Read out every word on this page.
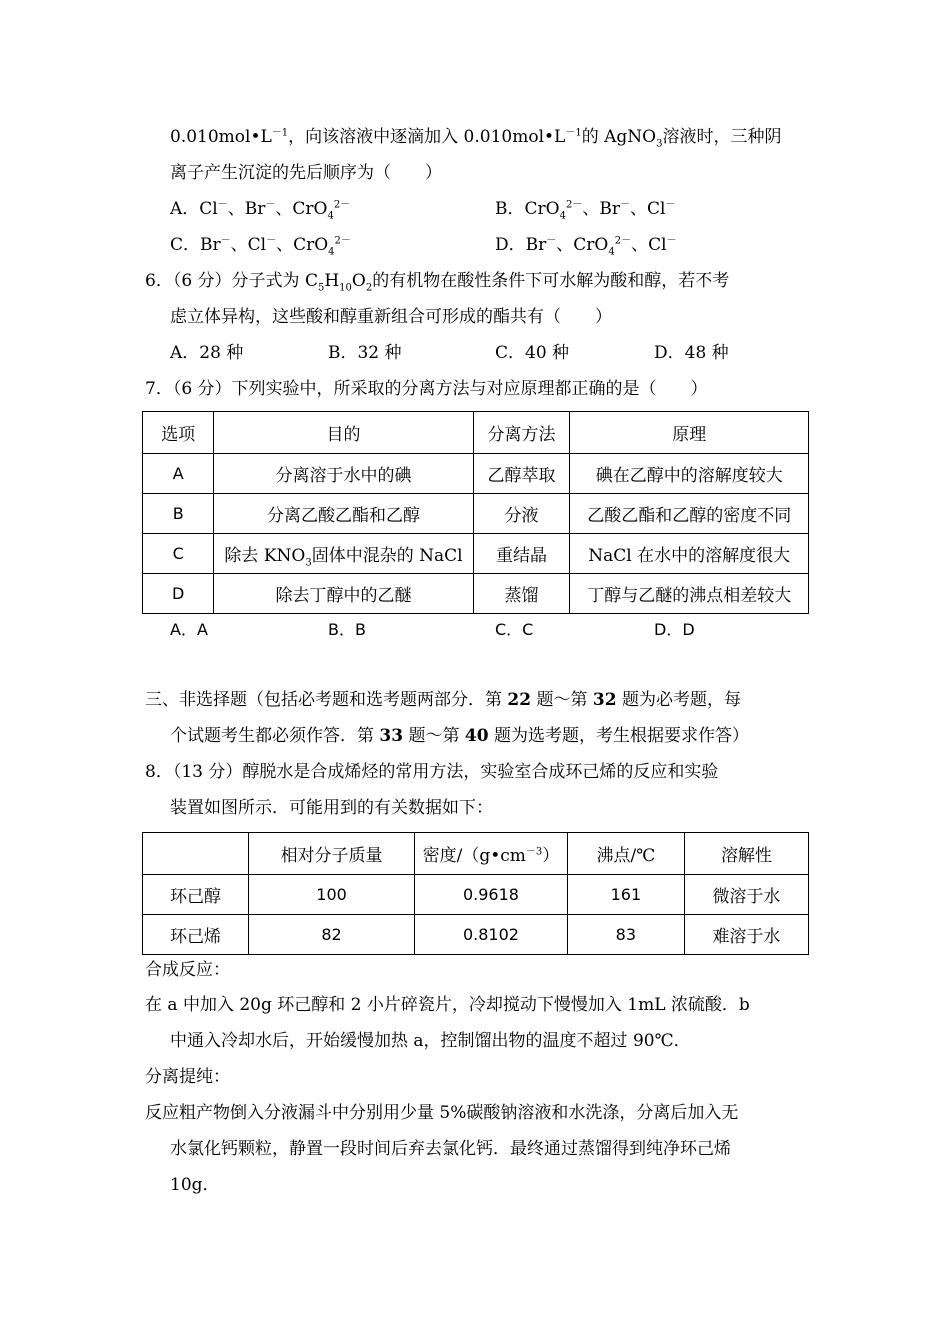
$0.010mol•L^{-1}$，向该溶液中逐滴加入 $0.010mol•L^{-1}$的 AgNO$_3$溶液时，三种阴
离子产生沉淀的先后顺序为（　　）
A．Cl－、Br－、CrO$_4^{2-}$	B．CrO$_4^{2-}$、Br－、Cl－
C．Br－、Cl－、CrO$_4^{2-}$	D．Br－、CrO$_4^{2-}$、Cl－
6．（6 分）分子式为 $C_5H_{10}O_2$的有机物在酸性条件下可水解为酸和醇，若不考
虑立体异构，这些酸和醇重新组合可形成的酯共有（　　）
A．28 种	B．32 种	C．40 种	D．48 种
7．（6 分）下列实验中，所采取的分离方法与对应原理都正确的是（　　）
选项	目的	分离方法	原理
A	分离溶于水中的碘	乙醇萃取	碘在乙醇中的溶解度较大
B	分离乙酸乙酯和乙醇	分液	乙酸乙酯和乙醇的密度不同
C	除去 $KNO_3$固体中混杂的 NaCl	重结晶	NaCl 在水中的溶解度很大
D	除去丁醇中的乙醚	蒸馏	丁醇与乙醚的沸点相差较大
A．A	B．B	C．C	D．D
三、非选择题（包括必考题和选考题两部分．第 22 题～第 32 题为必考题，每
个试题考生都必须作答．第 33 题～第 40 题为选考题，考生根据要求作答）
8．（13 分）醇脱水是合成烯烃的常用方法，实验室合成环己烯的反应和实验
装置如图所示．可能用到的有关数据如下：
	相对分子质量	密度$/(g•cm^{-3})$	沸点/℃	溶解性
环己醇	100	0.9618	161	微溶于水
环己烯	82	0.8102	83	难溶于水
合成反应：
在 a 中加入 20g 环己醇和 2 小片碎瓷片，冷却搅动下慢慢加入 1mL 浓硫酸．b
中通入冷却水后，开始缓慢加热 a，控制馏出物的温度不超过 90℃．
分离提纯：
反应粗产物倒入分液漏斗中分别用少量 5%碳酸钠溶液和水洗涤，分离后加入无
水氯化钙颗粒，静置一段时间后弃去氯化钙．最终通过蒸馏得到纯净环己烯
10g．
